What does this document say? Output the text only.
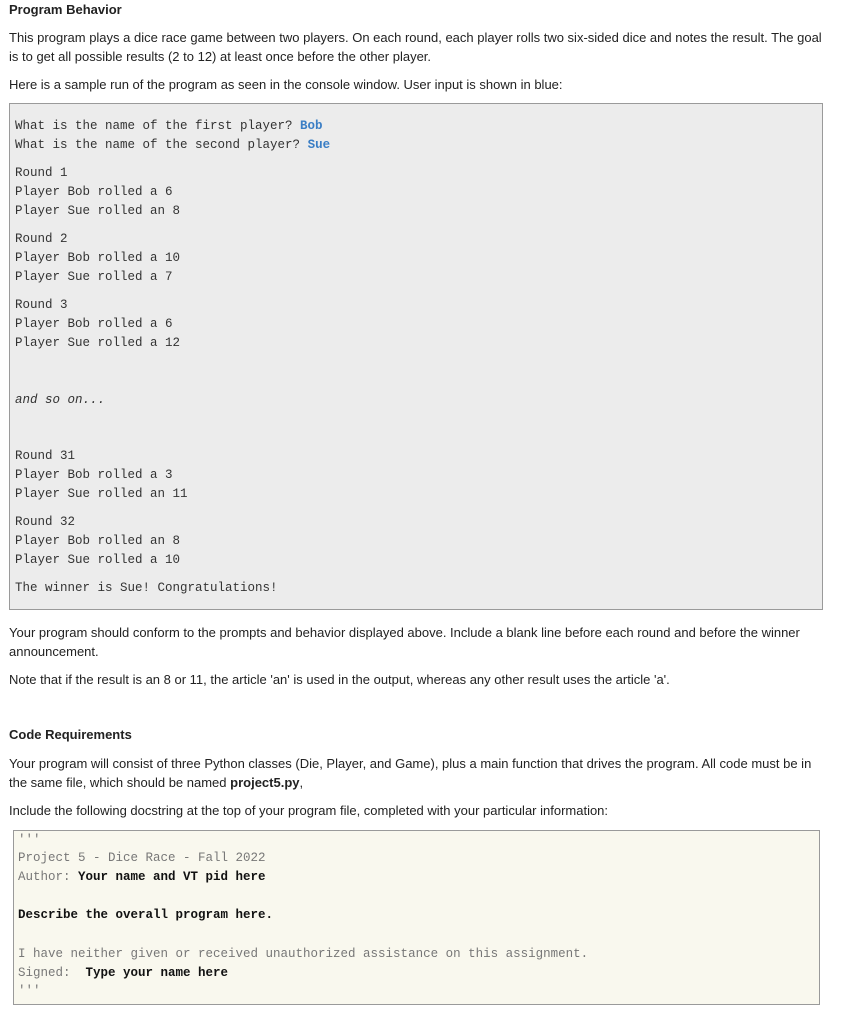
Program Behavior

This program plays a dice race game between two players. On each round, each player rolls two six-sided dice and notes the result. The goal is to get all possible results (2 to 12) at least once before the other player.

Here is a sample run of the program as seen in the console window. User input is shown in blue:

What is the name of the first player? Bob
What is the name of the second player? Sue
Round 1
Player Bob rolled a 6
Player Sue rolled an 8
Round 2
Player Bob rolled a 10
Player Sue rolled a 7
Round 3
Player Bob rolled a 6
Player Sue rolled a 12
and so on...
Round 31
Player Bob rolled a 3
Player Sue rolled an 11
Round 32
Player Bob rolled an 8
Player Sue rolled a 10
The winner is Sue! Congratulations!

Your program should conform to the prompts and behavior displayed above. Include a blank line before each round and before the winner announcement.

Note that if the result is an 8 or 11, the article 'an' is used in the output, whereas any other result uses the article 'a'.

Code Requirements

Your program will consist of three Python classes (Die, Player, and Game), plus a main function that drives the program. All code must be in the same file, which should be named project5.py,

Include the following docstring at the top of your program file, completed with your particular information:

'''
Project 5 - Dice Race - Fall 2022
Author: Your name and VT pid here
Describe the overall program here.
I have neither given or received unauthorized assistance on this assignment.
Signed:  Type your name here
'''
